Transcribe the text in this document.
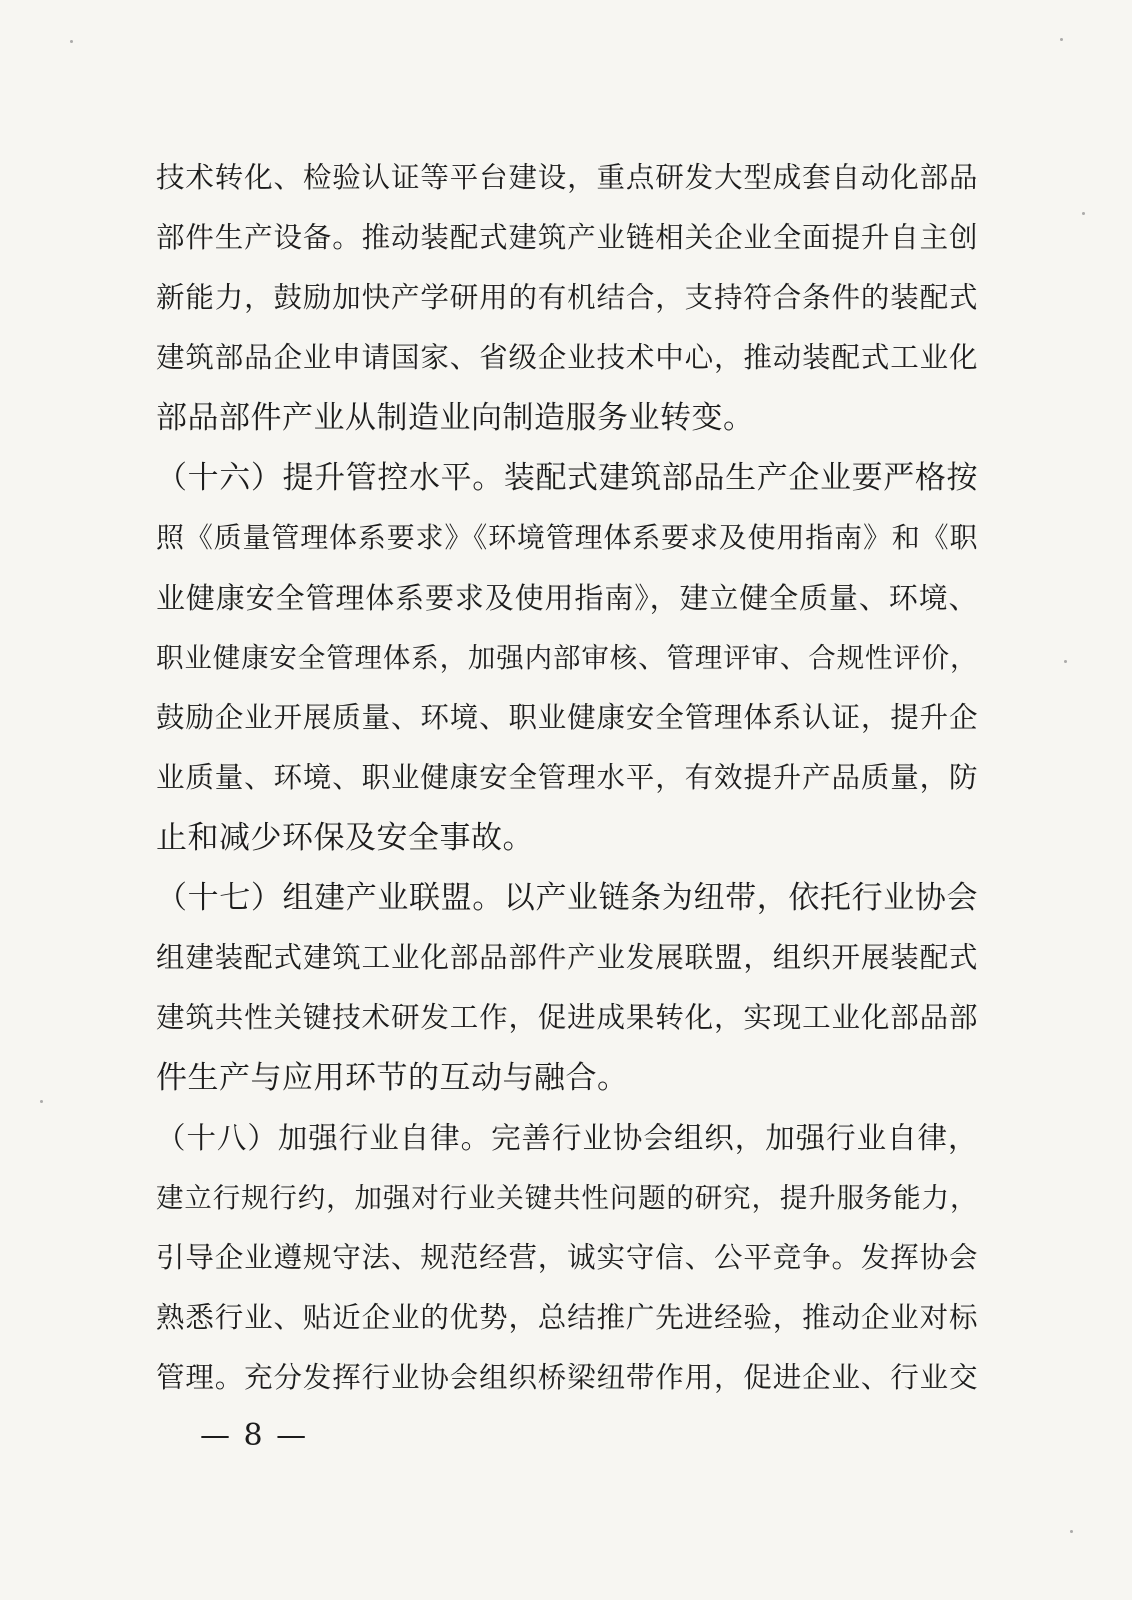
技术转化、检验认证等平台建设，重点研发大型成套自动化部品
部件生产设备。推动装配式建筑产业链相关企业全面提升自主创
新能力，鼓励加快产学研用的有机结合，支持符合条件的装配式
建筑部品企业申请国家、省级企业技术中心，推动装配式工业化
部品部件产业从制造业向制造服务业转变。

（十六）提升管控水平。装配式建筑部品生产企业要严格按
照《质量管理体系要求》《环境管理体系要求及使用指南》和《职
业健康安全管理体系要求及使用指南》，建立健全质量、环境、
职业健康安全管理体系，加强内部审核、管理评审、合规性评价，
鼓励企业开展质量、环境、职业健康安全管理体系认证，提升企
业质量、环境、职业健康安全管理水平，有效提升产品质量，防
止和减少环保及安全事故。

（十七）组建产业联盟。以产业链条为纽带，依托行业协会
组建装配式建筑工业化部品部件产业发展联盟，组织开展装配式
建筑共性关键技术研发工作，促进成果转化，实现工业化部品部
件生产与应用环节的互动与融合。

（十八）加强行业自律。完善行业协会组织，加强行业自律，
建立行规行约，加强对行业关键共性问题的研究，提升服务能力，
引导企业遵规守法、规范经营，诚实守信、公平竞争。发挥协会
熟悉行业、贴近企业的优势，总结推广先进经验，推动企业对标
管理。充分发挥行业协会组织桥梁纽带作用，促进企业、行业交

— 8 —
